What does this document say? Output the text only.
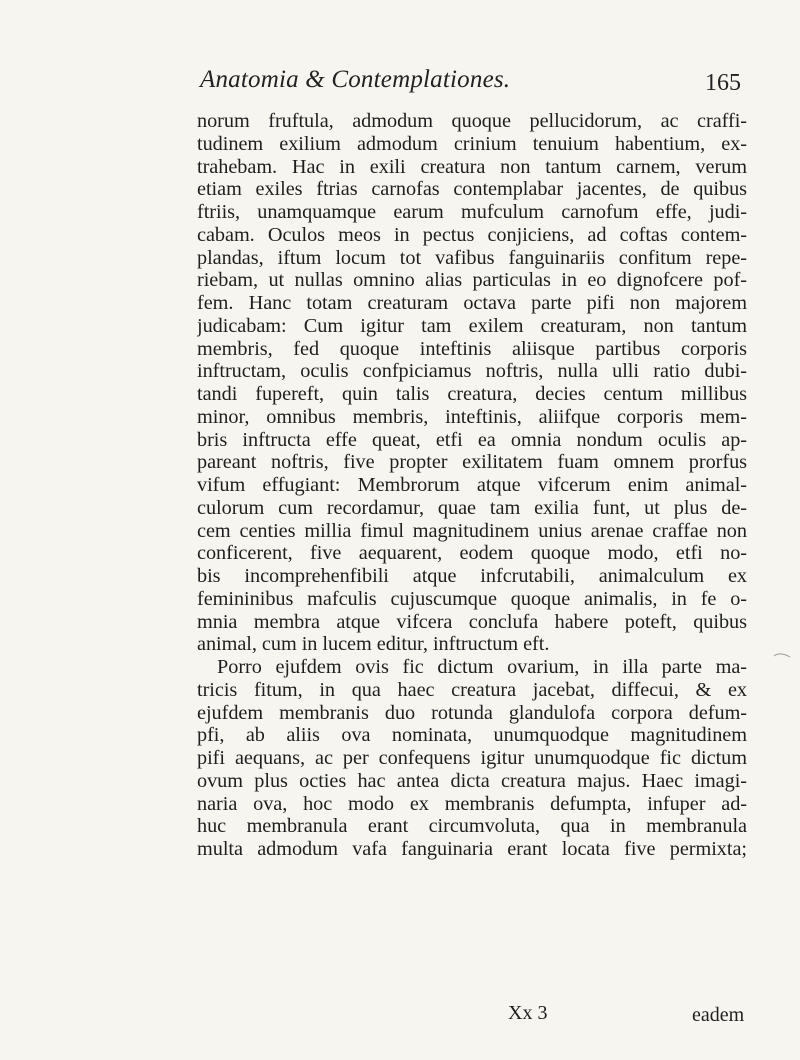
Anatomia & Contemplationes.	165
norum fruftula, admodum quoque pellucidorum, ac craffi-
tudinem exilium admodum crinium tenuium habentium, ex-
trahebam. Hac in exili creatura non tantum carnem, verum
etiam exiles ftrias carnofas contemplabar jacentes, de quibus
ftriis, unamquamque earum mufculum carnofum effe, judi-
cabam. Oculos meos in pectus conjiciens, ad coftas contem-
plandas, iftum locum tot vafibus fanguinariis confitum repe-
riebam, ut nullas omnino alias particulas in eo dignofcere pof-
fem. Hanc totam creaturam octava parte pifi non majorem
judicabam: Cum igitur tam exilem creaturam, non tantum
membris, fed quoque inteftinis aliisque partibus corporis
inftructam, oculis confpiciamus noftris, nulla ulli ratio dubi-
tandi fupereft, quin talis creatura, decies centum millibus
minor, omnibus membris, inteftinis, aliifque corporis mem-
bris inftructa effe queat, etfi ea omnia nondum oculis ap-
pareant noftris, five propter exilitatem fuam omnem prorfus
vifum effugiant: Membrorum atque vifcerum enim animal-
culorum cum recordamur, quae tam exilia funt, ut plus de-
cem centies millia fimul magnitudinem unius arenae craffae non
conficerent, five aequarent, eodem quoque modo, etfi no-
bis incomprehenfibili atque infcrutabili, animalculum ex
femininibus mafculis cujuscumque quoque animalis, in fe o-
mnia membra atque vifcera conclufa habere poteft, quibus
animal, cum in lucem editur, inftructum eft.
Porro ejufdem ovis fic dictum ovarium, in illa parte ma-
tricis fitum, in qua haec creatura jacebat, diffecui, & ex
ejufdem membranis duo rotunda glandulofa corpora defum-
pfi, ab aliis ova nominata, unumquodque magnitudinem
pifi aequans, ac per confequens igitur unumquodque fic dictum
ovum plus octies hac antea dicta creatura majus. Haec imagi-
naria ova, hoc modo ex membranis defumpta, infuper ad-
huc membranula erant circumvoluta, qua in membranula
multa admodum vafa fanguinaria erant locata five permixta;
Xx 3	eadem
